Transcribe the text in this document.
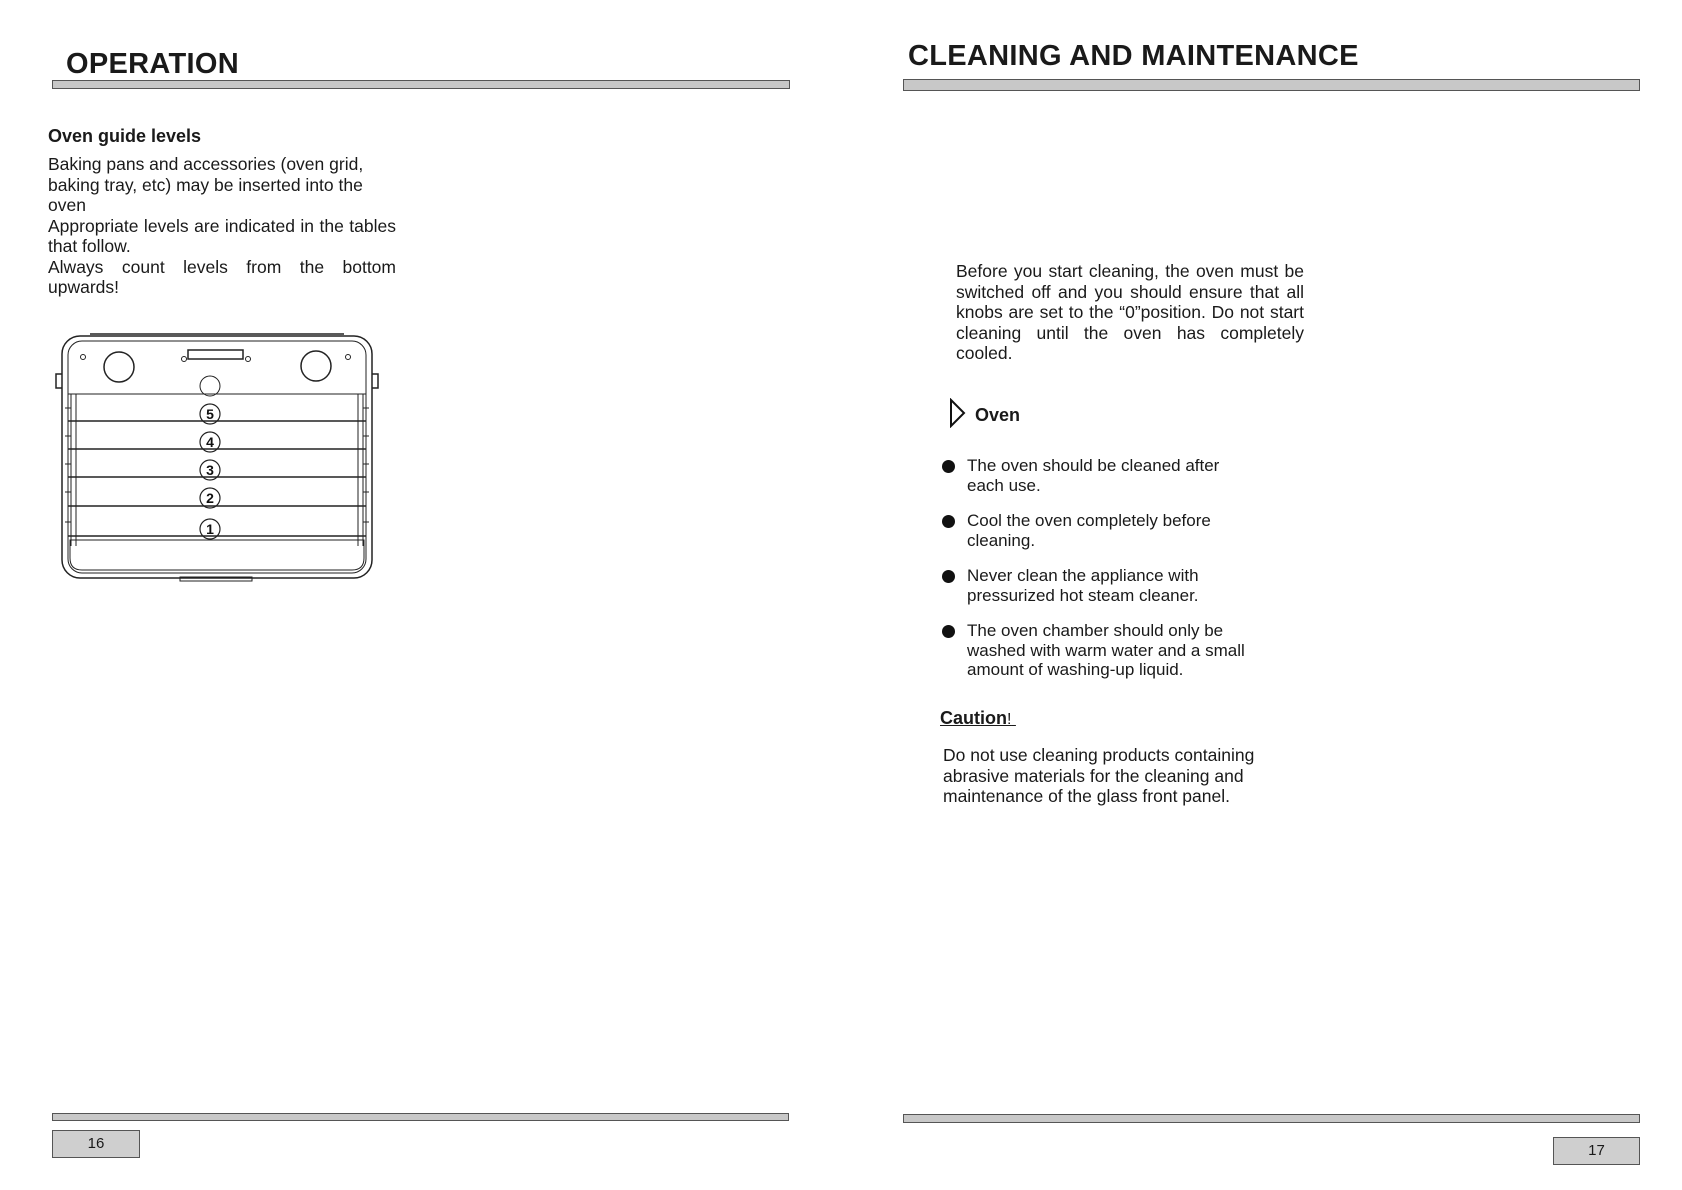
OPERATION
Oven guide levels
Baking pans and accessories (oven grid, baking tray, etc) may be inserted into the oven
Appropriate levels are indicated in the tables that follow.
Always count levels from the bottom upwards!
5
4
3
2
1
16
CLEANING AND MAINTENANCE
Before you start cleaning, the oven must be switched off and you should ensure that all knobs are set to the “0”position. Do not start cleaning until the oven has completely cooled.
Oven
The oven should be cleaned after each use.
Cool the oven completely before cleaning.
Never clean the appliance with pressurized hot steam cleaner.
The oven chamber should only be washed with warm water and a small amount of washing-up liquid.
Caution!
Do not use cleaning products containing abrasive materials for the cleaning and maintenance of the glass front panel.
17
